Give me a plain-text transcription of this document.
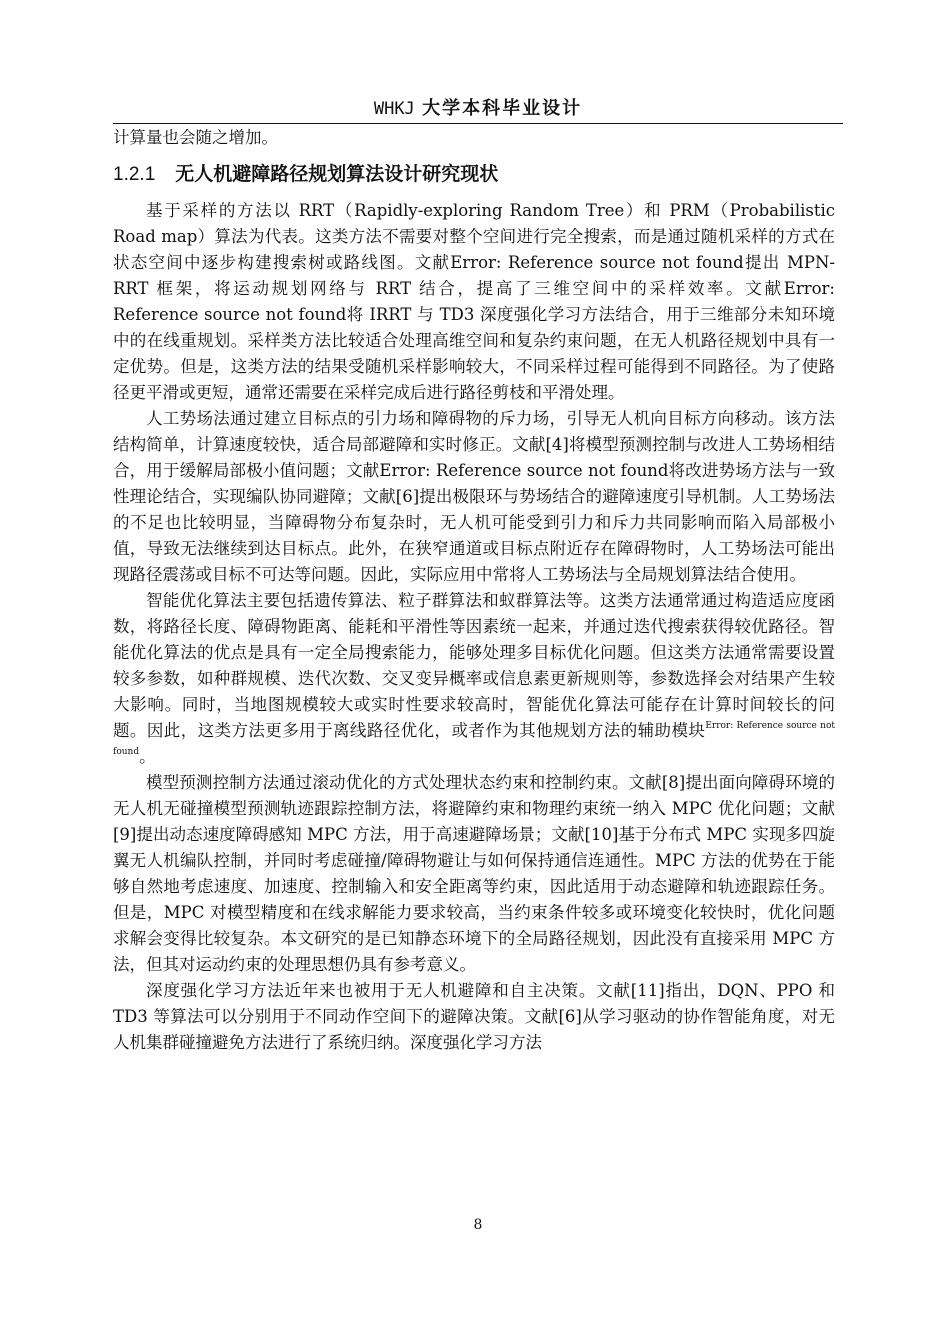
WHKJ 大学本科毕业设计

计算量也会随之增加。

1.2.1 无人机避障路径规划算法设计研究现状

基于采样的方法以 RRT（Rapidly-exploring Random Tree）和 PRM（Probabilistic Road map）算法为代表。这类方法不需要对整个空间进行完全搜索，而是通过随机采样的方式在状态空间中逐步构建搜索树或路线图。文献Error: Reference source not found提出 MPN-RRT 框架，将运动规划网络与 RRT 结合，提高了三维空间中的采样效率。文献Error: Reference source not found将 IRRT 与 TD3 深度强化学习方法结合，用于三维部分未知环境中的在线重规划。采样类方法比较适合处理高维空间和复杂约束问题，在无人机路径规划中具有一定优势。但是，这类方法的结果受随机采样影响较大，不同采样过程可能得到不同路径。为了使路径更平滑或更短，通常还需要在采样完成后进行路径剪枝和平滑处理。

人工势场法通过建立目标点的引力场和障碍物的斥力场，引导无人机向目标方向移动。该方法结构简单，计算速度较快，适合局部避障和实时修正。文献[4]将模型预测控制与改进人工势场相结合，用于缓解局部极小值问题；文献Error: Reference source not found将改进势场方法与一致性理论结合，实现编队协同避障；文献[6]提出极限环与势场结合的避障速度引导机制。人工势场法的不足也比较明显，当障碍物分布复杂时，无人机可能受到引力和斥力共同影响而陷入局部极小值，导致无法继续到达目标点。此外，在狭窄通道或目标点附近存在障碍物时，人工势场法可能出现路径震荡或目标不可达等问题。因此，实际应用中常将人工势场法与全局规划算法结合使用。

智能优化算法主要包括遗传算法、粒子群算法和蚁群算法等。这类方法通常通过构造适应度函数，将路径长度、障碍物距离、能耗和平滑性等因素统一起来，并通过迭代搜索获得较优路径。智能优化算法的优点是具有一定全局搜索能力，能够处理多目标优化问题。但这类方法通常需要设置较多参数，如种群规模、迭代次数、交叉变异概率或信息素更新规则等，参数选择会对结果产生较大影响。同时，当地图规模较大或实时性要求较高时，智能优化算法可能存在计算时间较长的问题。因此，这类方法更多用于离线路径优化，或者作为其他规划方法的辅助模块$^{Error: Reference source not found}$。

模型预测控制方法通过滚动优化的方式处理状态约束和控制约束。文献[8]提出面向障碍环境的无人机无碰撞模型预测轨迹跟踪控制方法，将避障约束和物理约束统一纳入 MPC 优化问题；文献[9]提出动态速度障碍感知 MPC 方法，用于高速避障场景；文献[10]基于分布式 MPC 实现多四旋翼无人机编队控制，并同时考虑碰撞/障碍物避让与如何保持通信连通性。MPC 方法的优势在于能够自然地考虑速度、加速度、控制输入和安全距离等约束，因此适用于动态避障和轨迹跟踪任务。但是，MPC 对模型精度和在线求解能力要求较高，当约束条件较多或环境变化较快时，优化问题求解会变得比较复杂。本文研究的是已知静态环境下的全局路径规划，因此没有直接采用 MPC 方法，但其对运动约束的处理思想仍具有参考意义。

深度强化学习方法近年来也被用于无人机避障和自主决策。文献[11]指出，DQN、PPO 和 TD3 等算法可以分别用于不同动作空间下的避障决策。文献[6]从学习驱动的协作智能角度，对无人机集群碰撞避免方法进行了系统归纳。深度强化学习方法

8
